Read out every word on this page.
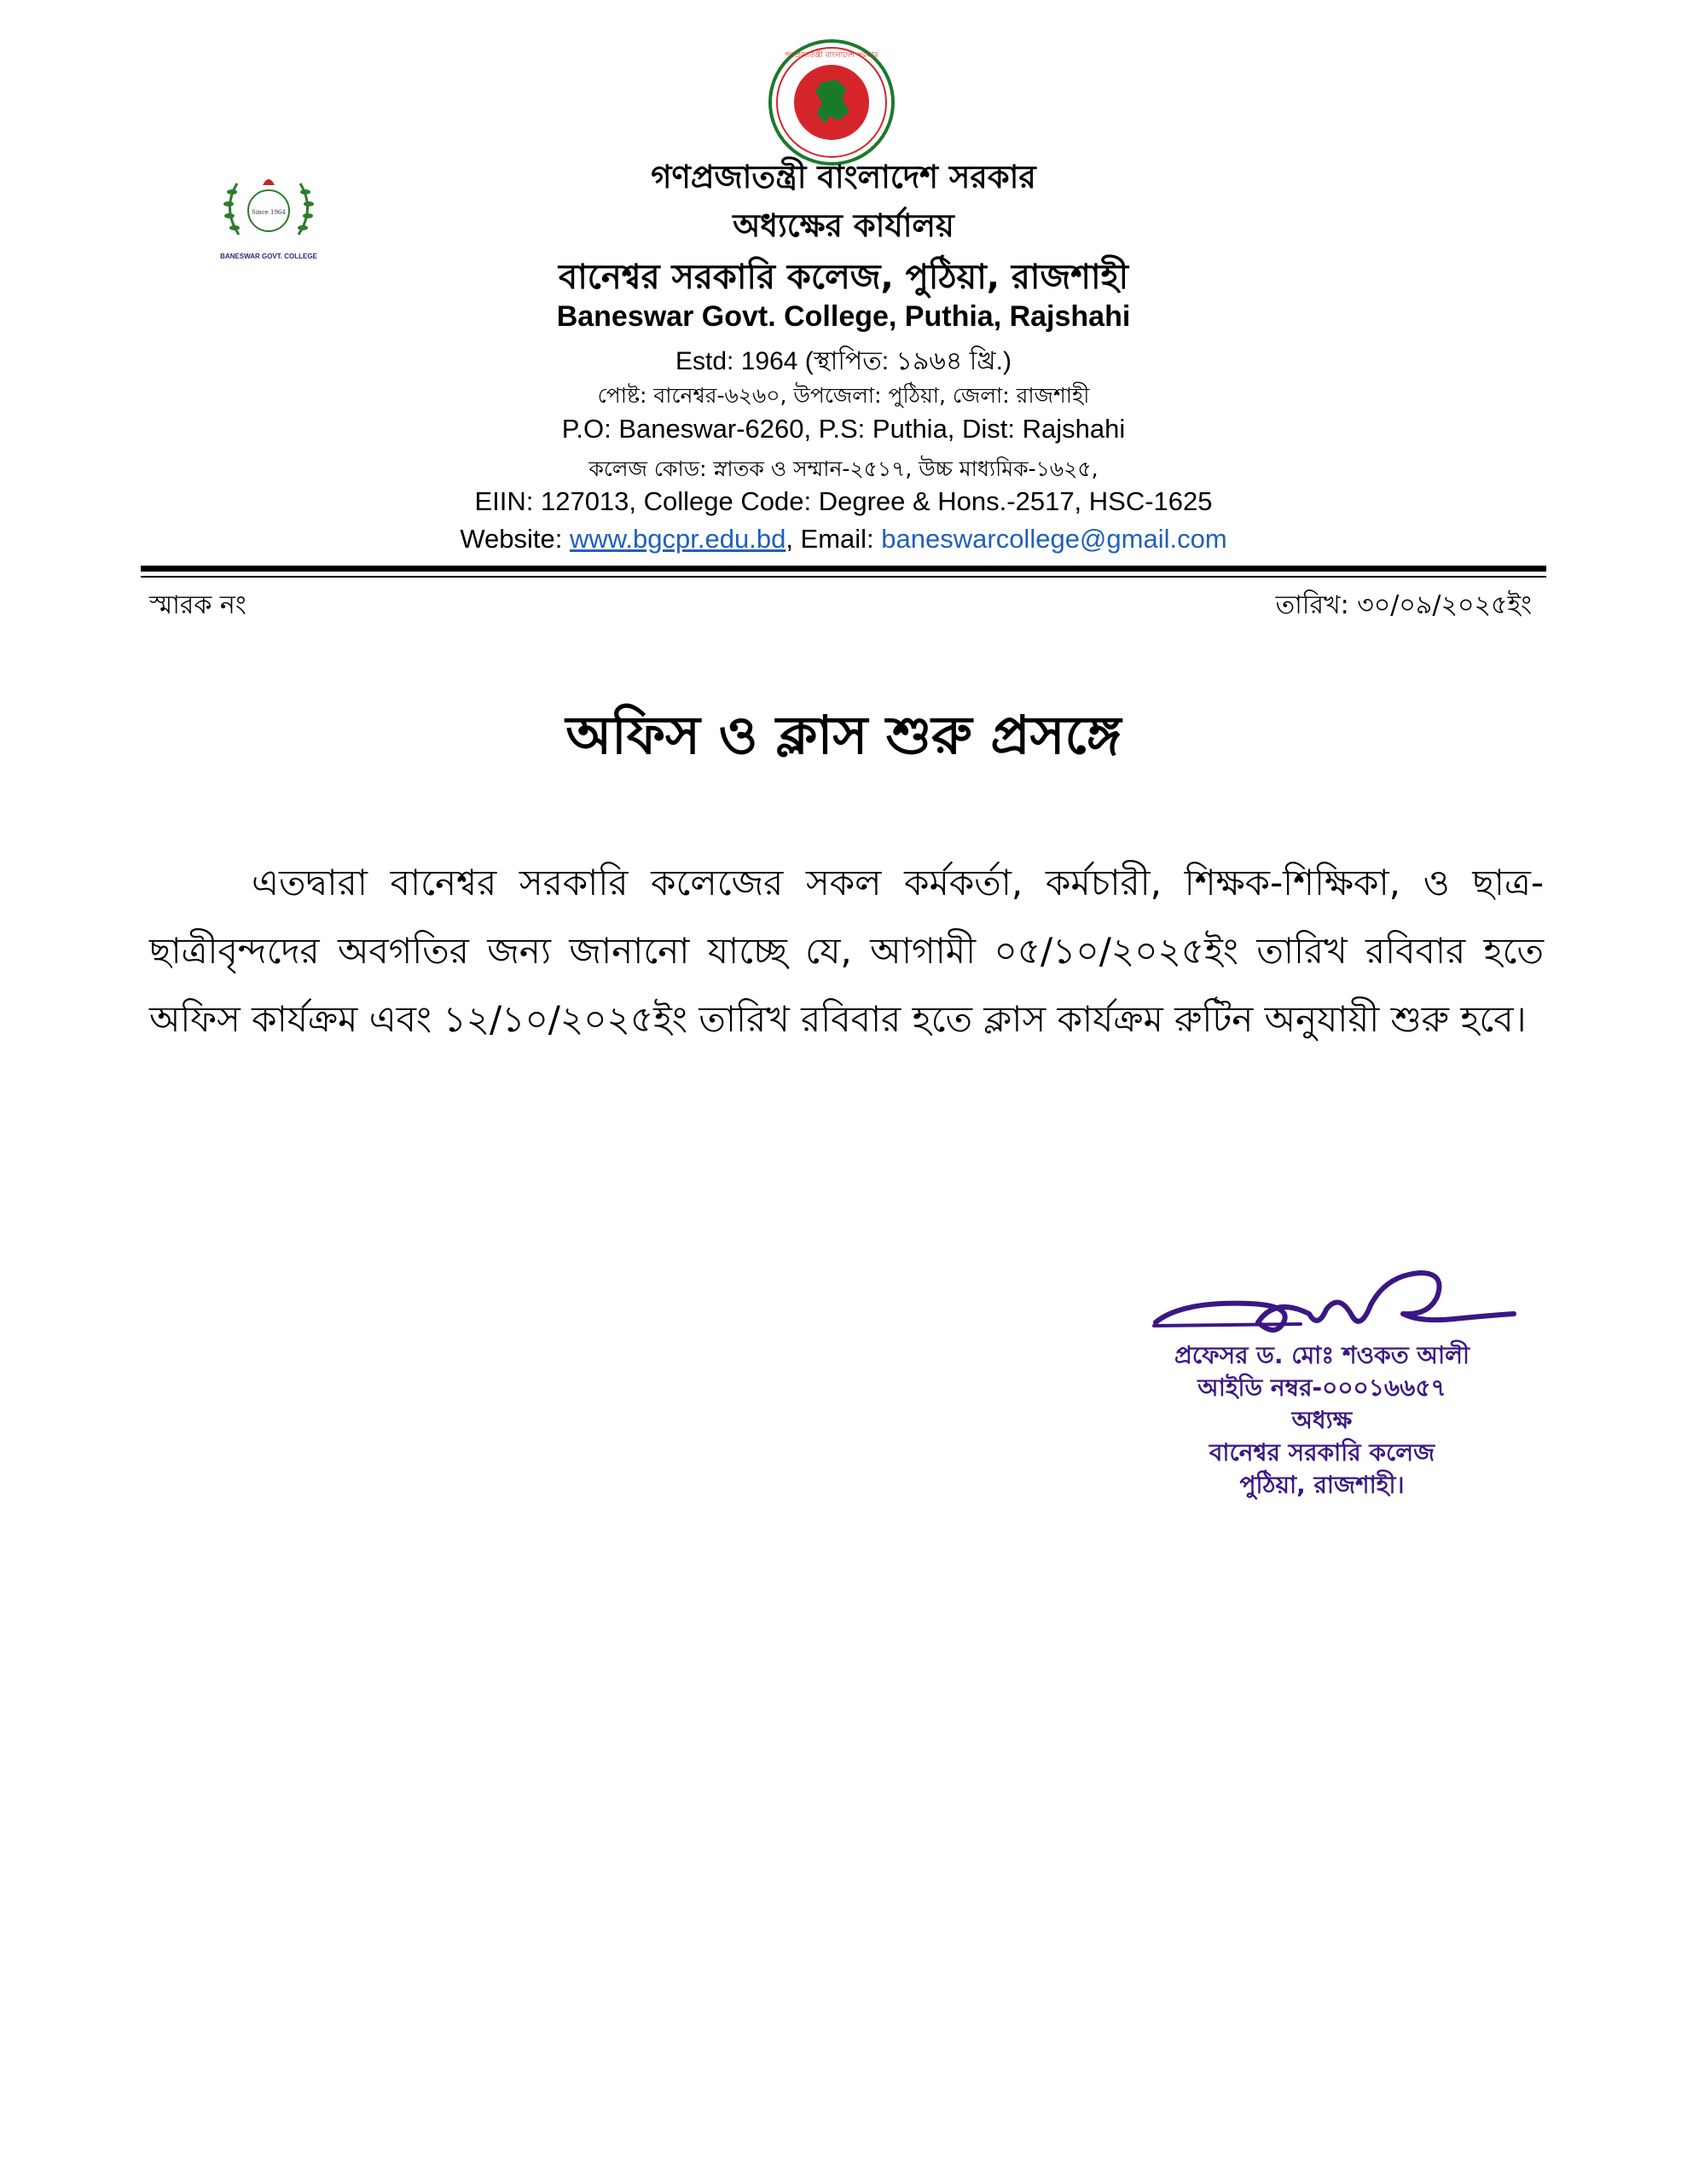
গণপ্রজাতন্ত্রী বাংলাদেশ সরকার
Since 1964
BANESWAR GOVT. COLLEGE
গণপ্রজাতন্ত্রী বাংলাদেশ সরকার
অধ্যক্ষের কার্যালয়
বানেশ্বর সরকারি কলেজ, পুঠিয়া, রাজশাহী
Baneswar Govt. College, Puthia, Rajshahi
Estd: 1964 (স্থাপিত: ১৯৬৪ খ্রি.)
পোষ্ট: বানেশ্বর-৬২৬০, উপজেলা: পুঠিয়া, জেলা: রাজশাহী
P.O: Baneswar-6260, P.S: Puthia, Dist: Rajshahi
কলেজ কোড: স্নাতক ও সম্মান-২৫১৭, উচ্চ মাধ্যমিক-১৬২৫,
EIIN: 127013, College Code: Degree & Hons.-2517, HSC-1625
Website: www.bgcpr.edu.bd, Email: baneswarcollege@gmail.com
স্মারক নং	তারিখ: ৩০/০৯/২০২৫ইং
অফিস ও ক্লাস শুরু প্রসঙ্গে
এতদ্বারা বানেশ্বর সরকারি কলেজের সকল কর্মকর্তা, কর্মচারী, শিক্ষক-শিক্ষিকা, ও ছাত্র-ছাত্রীবৃন্দদের অবগতির জন্য জানানো যাচ্ছে যে, আগামী ০৫/১০/২০২৫ইং তারিখ রবিবার হতে অফিস কার্যক্রম এবং ১২/১০/২০২৫ইং তারিখ রবিবার হতে ক্লাস কার্যক্রম রুটিন অনুযায়ী শুরু হবে।
প্রফেসর ড. মোঃ শওকত আলী
আইডি নম্বর-০০০১৬৬৫৭
অধ্যক্ষ
বানেশ্বর সরকারি কলেজ
পুঠিয়া, রাজশাহী।
